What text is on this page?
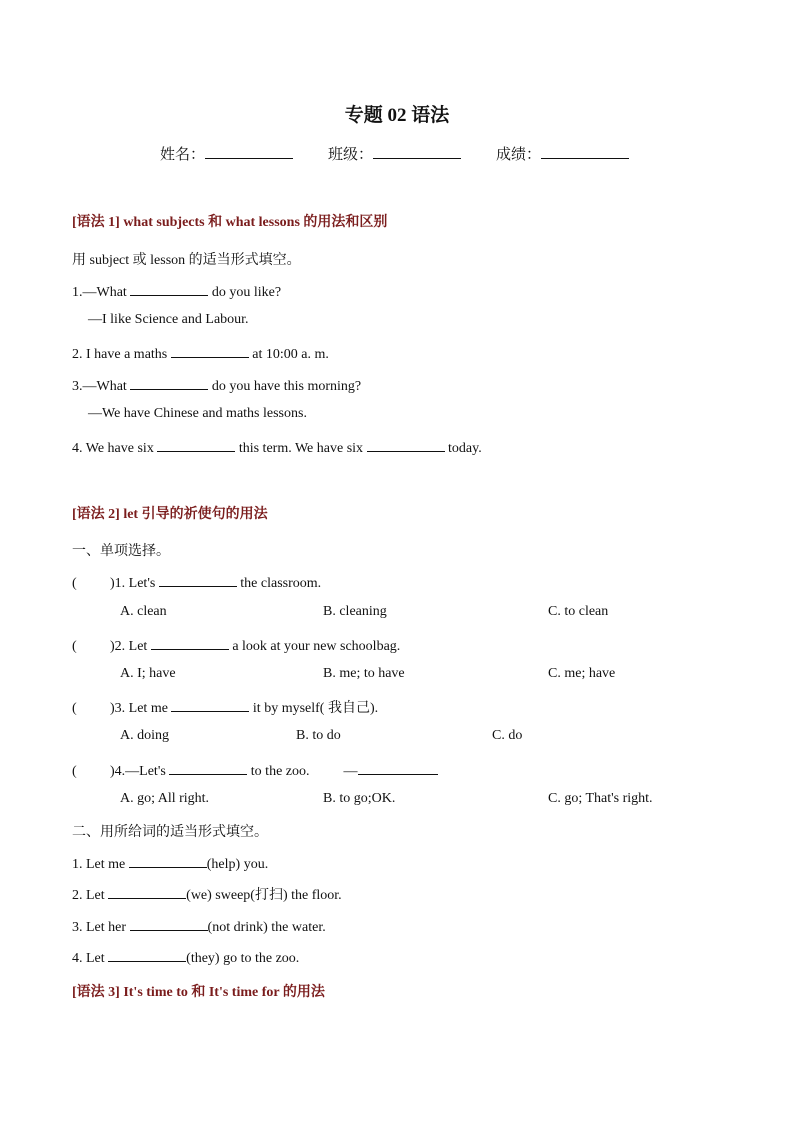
专题 02 语法
姓名：	班级：	成绩：
[语法 1] what subjects 和 what lessons 的用法和区别
用 subject 或 lesson 的适当形式填空。
1.—What	do you like?
—I like Science and Labour.
2. I have a maths	at 10:00 a. m.
3.—What	do you have this morning?
—We have Chinese and maths lessons.
4. We have six	this term. We have six	today.
[语法 2] let 引导的祈使句的用法
一、单项选择。
( )1. Let's	the classroom.
A. clean	B. cleaning	C. to clean
( )2. Let	a look at your new schoolbag.
A. I; have	B. me; to have	C. me; have
( )3. Let me	it by myself( 我自己).
A. doing	B. to do	C. do
( )4.—Let's	to the zoo. —
A. go; All right.	B. to go;OK.	C. go; That's right.
二、用所给词的适当形式填空。
1. Let me	(help) you.
2. Let	(we) sweep(打扫) the floor.
3. Let her	(not drink) the water.
4. Let	(they) go to the zoo.
[语法 3] It's time to 和 It's time for 的用法
